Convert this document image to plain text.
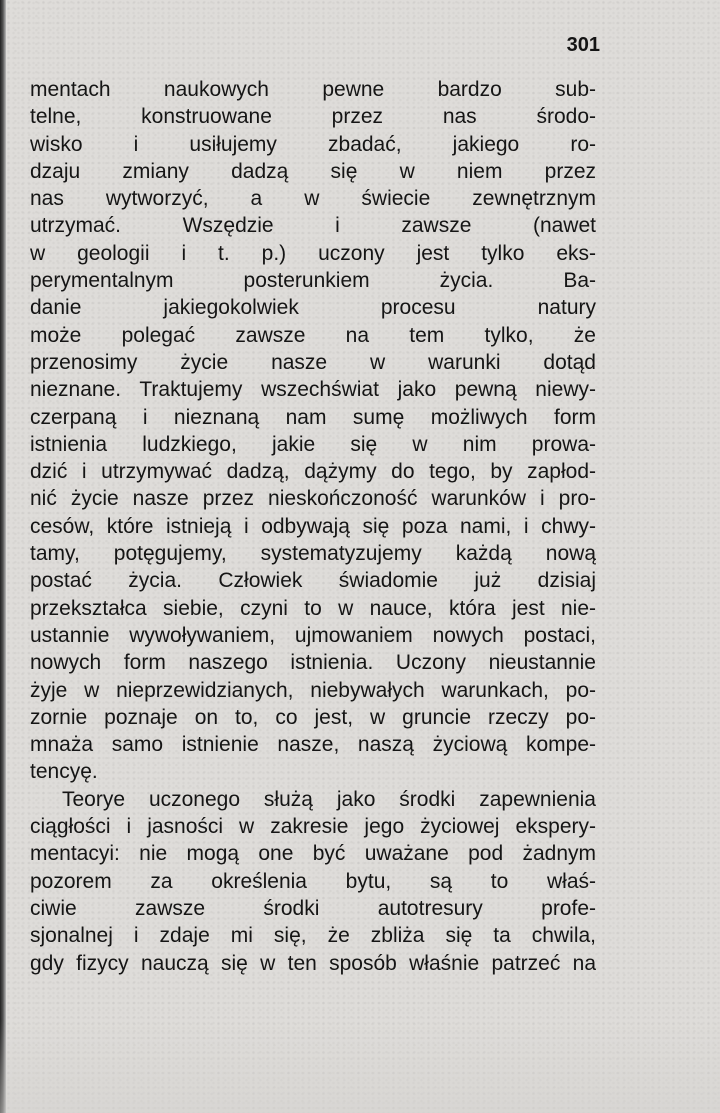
301
mentach naukowych pewne bardzo sub-
telne, konstruowane przez nas środo-
wisko i usiłujemy zbadać, jakiego ro-
dzaju zmiany dadzą się w niem przez
nas wytworzyć, a w świecie zewnętrznym
utrzymać. Wszędzie i zawsze (nawet
w geologii i t. p.) uczony jest tylko eks-
perymentalnym posterunkiem życia. Ba-
danie jakiegokolwiek procesu natury
może polegać zawsze na tem tylko, że
przenosimy życie nasze w warunki dotąd
nieznane. Traktujemy wszechświat jako pewną niewy-
czerpaną i nieznaną nam sumę możliwych form
istnienia ludzkiego, jakie się w nim prowa-
dzić i utrzymywać dadzą, dążymy do tego, by zapłod-
nić życie nasze przez nieskończoność warunków i pro-
cesów, które istnieją i odbywają się poza nami, i chwy-
tamy, potęgujemy, systematyzujemy każdą nową
postać życia. Człowiek świadomie już dzisiaj
przekształca siebie, czyni to w nauce, która jest nie-
ustannie wywoływaniem, ujmowaniem nowych postaci,
nowych form naszego istnienia. Uczony nieustannie
żyje w nieprzewidzianych, niebywałych warunkach, po-
zornie poznaje on to, co jest, w gruncie rzeczy po-
mnaża samo istnienie nasze, naszą życiową kompe-
tencyę.
Teorye uczonego służą jako środki zapewnienia
ciągłości i jasności w zakresie jego życiowej ekspery-
mentacyi: nie mogą one być uważane pod żadnym
pozorem za określenia bytu, są to właś-
ciwie zawsze środki autotresury profe-
sjonalnej i zdaje mi się, że zbliża się ta chwila,
gdy fizycy nauczą się w ten sposób właśnie patrzeć na
